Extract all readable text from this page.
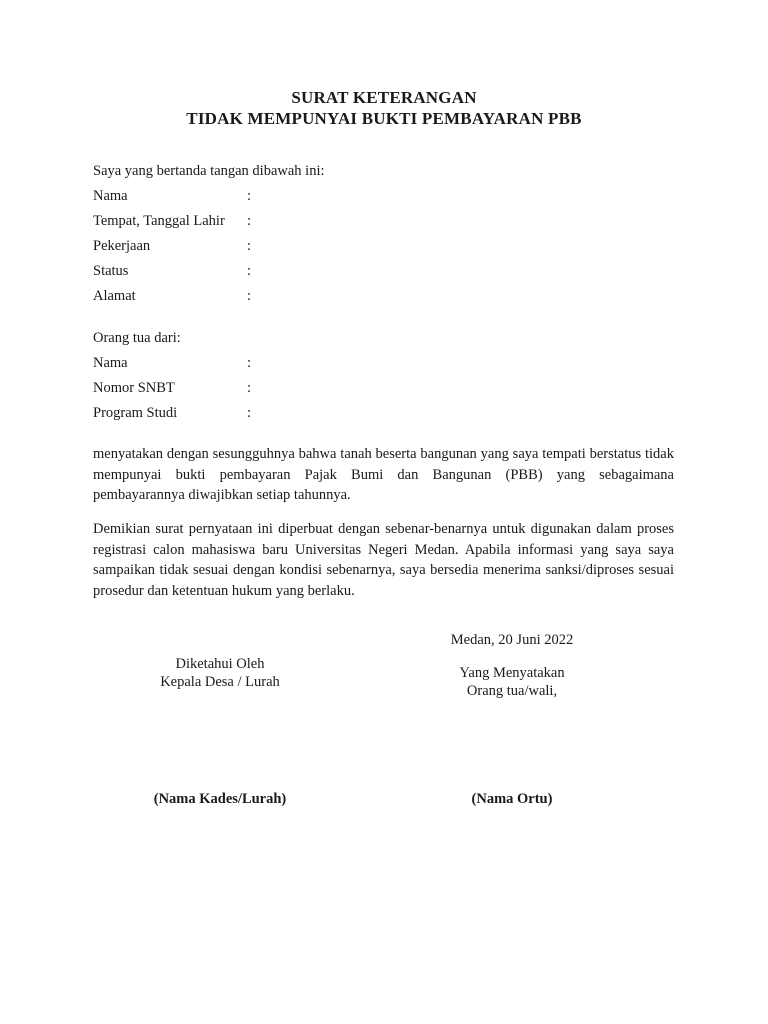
SURAT KETERANGAN
TIDAK MEMPUNYAI BUKTI PEMBAYARAN PBB
Saya yang bertanda tangan dibawah ini:
Nama	:
Tempat, Tanggal Lahir :
Pekerjaan	:
Status	:
Alamat	:
Orang tua dari:
Nama	:
Nomor SNBT	:
Program Studi	:

menyatakan dengan sesungguhnya bahwa tanah beserta bangunan yang saya tempati berstatus tidak mempunyai bukti pembayaran Pajak Bumi dan Bangunan (PBB) yang sebagaimana pembayarannya diwajibkan setiap tahunnya.

Demikian surat pernyataan ini diperbuat dengan sebenar-benarnya untuk digunakan dalam proses registrasi calon mahasiswa baru Universitas Negeri Medan. Apabila informasi yang saya saya sampaikan tidak sesuai dengan kondisi sebenarnya, saya bersedia menerima sanksi/diproses sesuai prosedur dan ketentuan hukum yang berlaku.

Medan, 20 Juni 2022
Diketahui Oleh
Kepala Desa / Lurah
(Nama Kades/Lurah)
Yang Menyatakan
Orang tua/wali,
(Nama Ortu)
